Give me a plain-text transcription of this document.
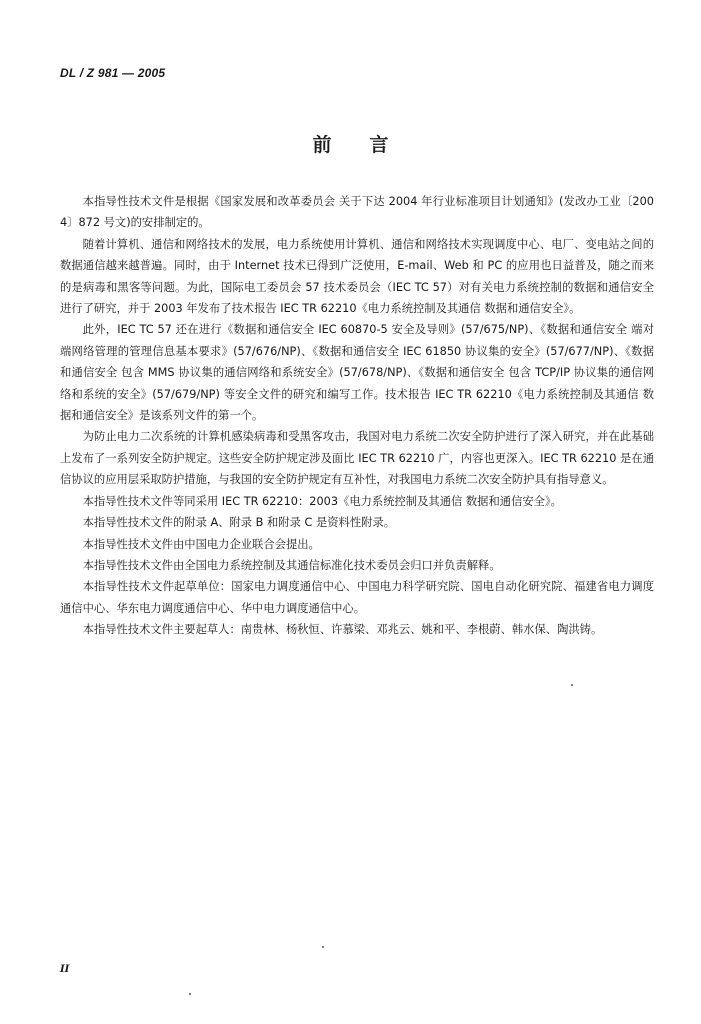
DL / Z 981 — 2005
前言

本指导性技术文件是根据《国家发展和改革委员会 关于下达 2004 年行业标准项目计划通知》(发改办工业〔2004〕872 号文)的安排制定的。

随着计算机、通信和网络技术的发展，电力系统使用计算机、通信和网络技术实现调度中心、电厂、变电站之间的数据通信越来越普遍。同时，由于 Internet 技术已得到广泛使用，E-mail、Web 和 PC 的应用也日益普及，随之而来的是病毒和黑客等问题。为此，国际电工委员会 57 技术委员会（IEC TC 57）对有关电力系统控制的数据和通信安全进行了研究，并于 2003 年发布了技术报告 IEC TR 62210《电力系统控制及其通信 数据和通信安全》。

此外，IEC TC 57 还在进行《数据和通信安全 IEC 60870-5 安全及导则》(57/675/NP)、《数据和通信安全 端对端网络管理的管理信息基本要求》(57/676/NP)、《数据和通信安全 IEC 61850 协议集的安全》(57/677/NP)、《数据和通信安全 包含 MMS 协议集的通信网络和系统安全》(57/678/NP)、《数据和通信安全 包含 TCP/IP 协议集的通信网络和系统的安全》(57/679/NP) 等安全文件的研究和编写工作。技术报告 IEC TR 62210《电力系统控制及其通信 数据和通信安全》是该系列文件的第一个。

为防止电力二次系统的计算机感染病毒和受黑客攻击，我国对电力系统二次安全防护进行了深入研究，并在此基础上发布了一系列安全防护规定。这些安全防护规定涉及面比 IEC TR 62210 广，内容也更深入。IEC TR 62210 是在通信协议的应用层采取防护措施，与我国的安全防护规定有互补性，对我国电力系统二次安全防护具有指导意义。

本指导性技术文件等同采用 IEC TR 62210：2003《电力系统控制及其通信 数据和通信安全》。

本指导性技术文件的附录 A、附录 B 和附录 C 是资料性附录。

本指导性技术文件由中国电力企业联合会提出。

本指导性技术文件由全国电力系统控制及其通信标准化技术委员会归口并负责解释。

本指导性技术文件起草单位：国家电力调度通信中心、中国电力科学研究院、国电自动化研究院、福建省电力调度通信中心、华东电力调度通信中心、华中电力调度通信中心。

本指导性技术文件主要起草人：南贵林、杨秋恒、许慕梁、邓兆云、姚和平、李根蔚、韩水保、陶洪铸。

II
